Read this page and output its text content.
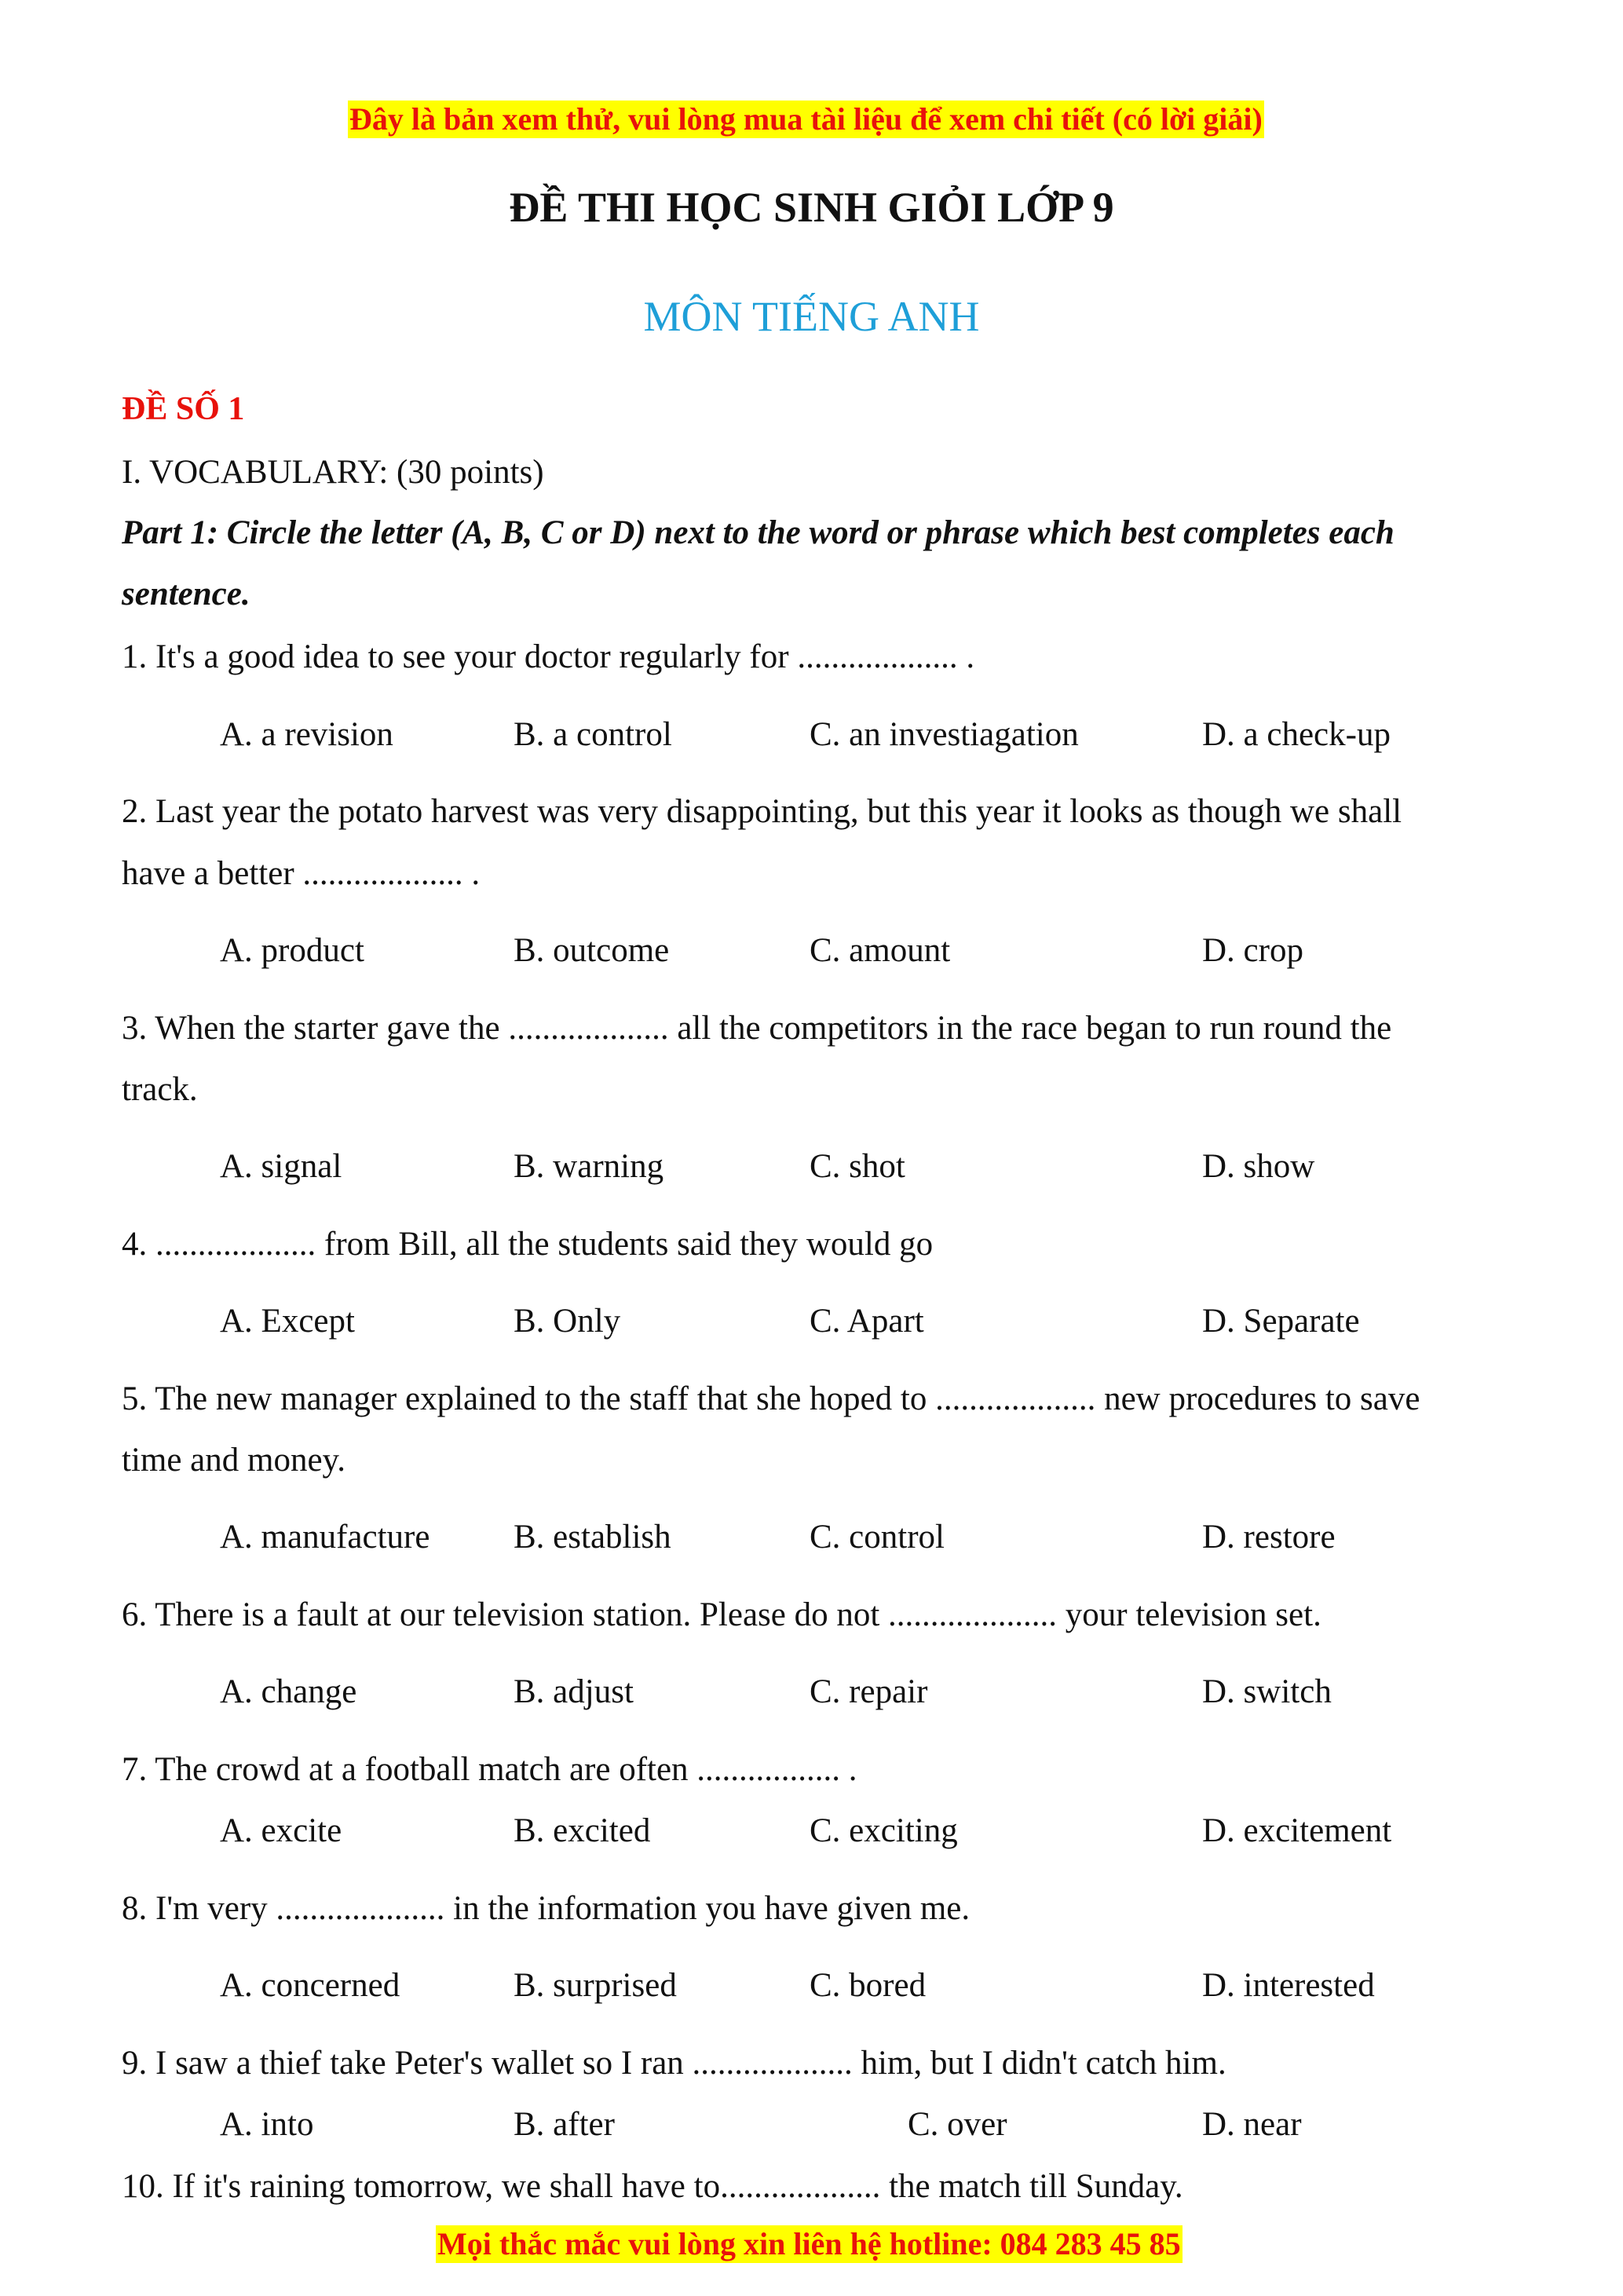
Đây là bản xem thử, vui lòng mua tài liệu để xem chi tiết (có lời giải)
ĐỀ THI HỌC SINH GIỎI LỚP 9
MÔN TIẾNG ANH
ĐỀ SỐ 1
I. VOCABULARY: (30 points)
Part 1: Circle the letter (A, B, C or D) next to the word or phrase which best completes each
sentence.
1. It's a good idea to see your doctor regularly for ................... .
A. a revision	B. a control	C. an investiagation	D. a check-up
2. Last year the potato harvest was very disappointing, but this year it looks as though we shall
have a better ................... .
A. product	B. outcome	C. amount	D. crop
3. When the starter gave the ................... all the competitors in the race began to run round the
track.
A. signal	B. warning	C. shot	D. show
4. ................... from Bill, all the students said they would go
A. Except	B. Only	C. Apart	D. Separate
5. The new manager explained to the staff that she hoped to ................... new procedures to save
time and money.
A. manufacture B. establish	C. control	D. restore
6. There is a fault at our television station. Please do not .................... your television set.
A. change	B. adjust	C. repair	D. switch
7. The crowd at a football match are often ................. .
A. excite	B. excited	C. exciting	D. excitement
8. I'm very .................... in the information you have given me.
A. concerned	B. surprised	C. bored	D. interested
9. I saw a thief take Peter's wallet so I ran ................... him, but I didn't catch him.
A. into	B. after	C. over	D. near
10. If it's raining tomorrow, we shall have to................... the match till Sunday.
Mọi thắc mắc vui lòng xin liên hệ hotline: 084 283 45 85
